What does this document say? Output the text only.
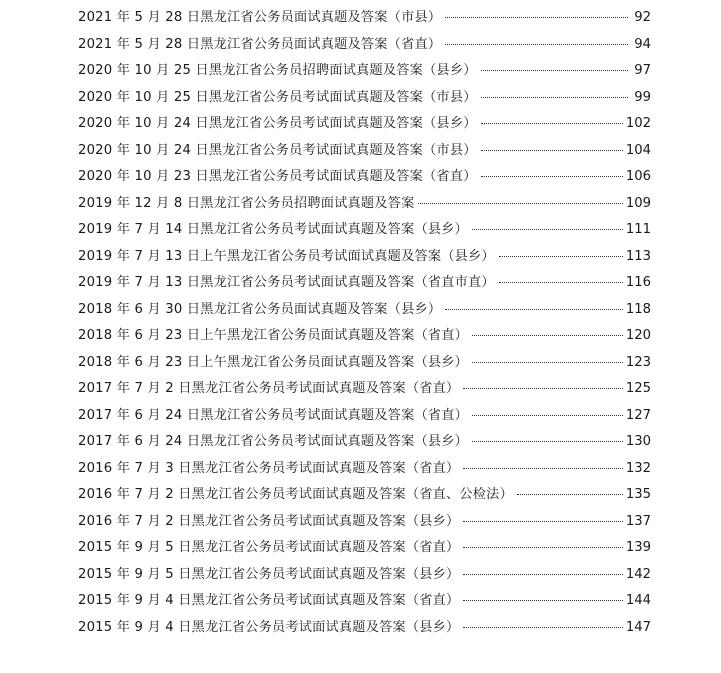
2021 年 5 月 28 日黑龙江省公务员面试真题及答案（市县）	92
2021 年 5 月 28 日黑龙江省公务员面试真题及答案（省直）	94
2020 年 10 月 25 日黑龙江省公务员招聘面试真题及答案（县乡）	97
2020 年 10 月 25 日黑龙江省公务员考试面试真题及答案（市县）	99
2020 年 10 月 24 日黑龙江省公务员考试面试真题及答案（县乡）	102
2020 年 10 月 24 日黑龙江省公务员考试面试真题及答案（市县）	104
2020 年 10 月 23 日黑龙江省公务员考试面试真题及答案（省直）	106
2019 年 12 月 8 日黑龙江省公务员招聘面试真题及答案	109
2019 年 7 月 14 日黑龙江省公务员考试面试真题及答案（县乡）	111
2019 年 7 月 13 日上午黑龙江省公务员考试面试真题及答案（县乡）	113
2019 年 7 月 13 日黑龙江省公务员考试面试真题及答案（省直市直）	116
2018 年 6 月 30 日黑龙江省公务员面试真题及答案（县乡）	118
2018 年 6 月 23 日上午黑龙江省公务员面试真题及答案（省直）	120
2018 年 6 月 23 日上午黑龙江省公务员面试真题及答案（县乡）	123
2017 年 7 月 2 日黑龙江省公务员考试面试真题及答案（省直）	125
2017 年 6 月 24 日黑龙江省公务员考试面试真题及答案（省直）	127
2017 年 6 月 24 日黑龙江省公务员考试面试真题及答案（县乡）	130
2016 年 7 月 3 日黑龙江省公务员考试面试真题及答案（省直）	132
2016 年 7 月 2 日黑龙江省公务员考试面试真题及答案（省直、公检法）	135
2016 年 7 月 2 日黑龙江省公务员考试面试真题及答案（县乡）	137
2015 年 9 月 5 日黑龙江省公务员考试面试真题及答案（省直）	139
2015 年 9 月 5 日黑龙江省公务员考试面试真题及答案（县乡）	142
2015 年 9 月 4 日黑龙江省公务员考试面试真题及答案（省直）	144
2015 年 9 月 4 日黑龙江省公务员考试面试真题及答案（县乡）	147
